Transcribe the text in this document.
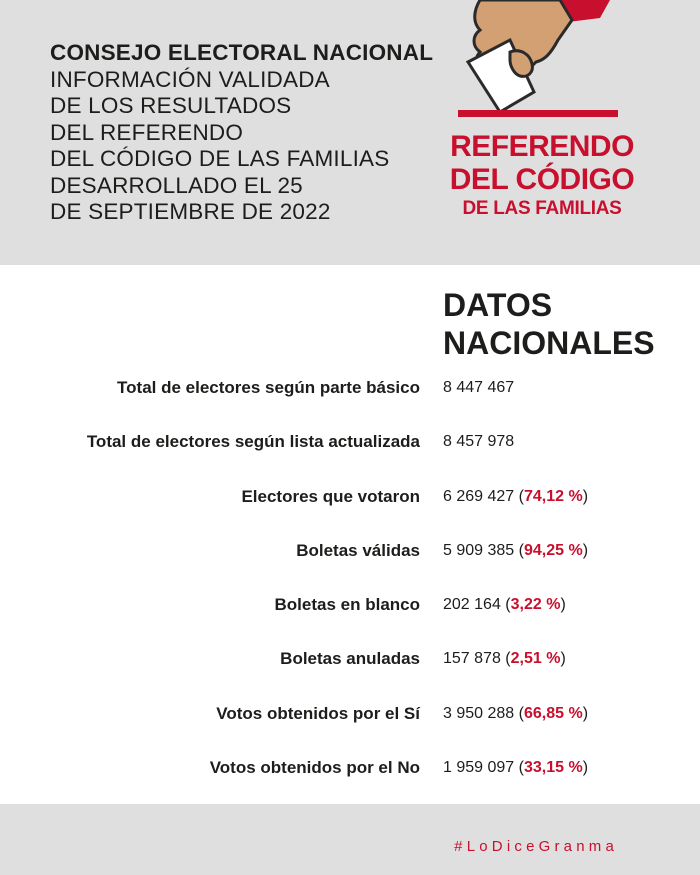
CONSEJO ELECTORAL NACIONAL
INFORMACIÓN VALIDADA
DE LOS RESULTADOS
DEL REFERENDO
DEL CÓDIGO DE LAS FAMILIAS
DESARROLLADO EL 25
DE SEPTIEMBRE DE 2022
REFERENDO
DEL CÓDIGO
DE LAS FAMILIAS
DATOS
NACIONALES
Total de electores según parte básico 8 447 467
Total de electores según lista actualizada 8 457 978
Electores que votaron 6 269 427 (74,12 %)
Boletas válidas 5 909 385 (94,25 %)
Boletas en blanco 202 164 (3,22 %)
Boletas anuladas 157 878 (2,51 %)
Votos obtenidos por el Sí 3 950 288 (66,85 %)
Votos obtenidos por el No 1 959 097 (33,15 %)
#LoDiceGranma
